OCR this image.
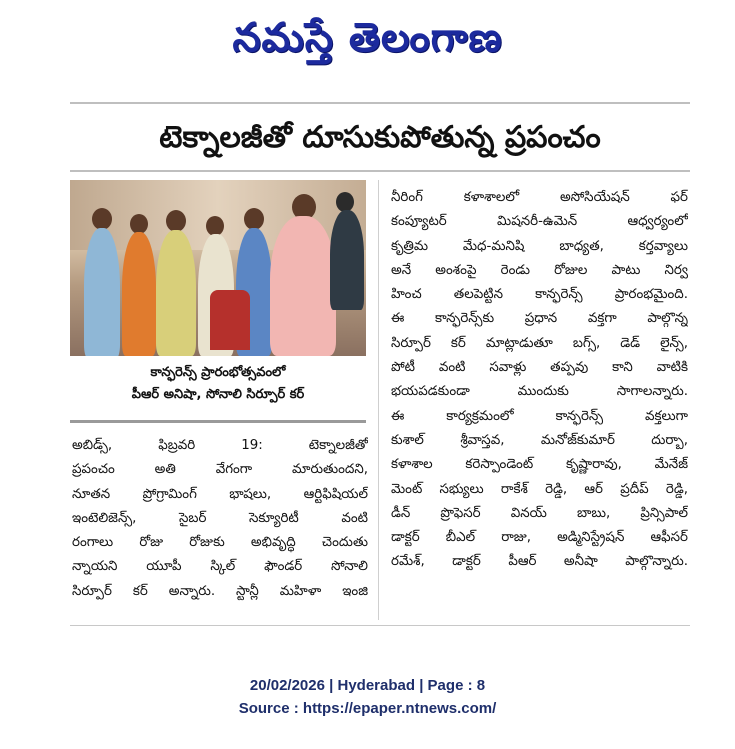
నమస్తే తెలంగాణ
టెక్నాలజీతో దూసుకుపోతున్న ప్రపంచం
కాన్ఫరెన్స్ ప్రారంభోత్సవంలో
పీఆర్ అనిషా, సోనాలి సిర్పూర్ కర్

అబిడ్స్, ఫిబ్రవరి 19: టెక్నాలజీతో

ప్రపంచం అతి వేగంగా మారుతుందని,

నూతన ప్రోగ్రామింగ్ భాషలు, ఆర్టిఫిషియల్

ఇంటెలిజెన్స్, సైబర్ సెక్యూరిటీ వంటి

రంగాలు రోజు రోజుకు అభివృద్ధి చెందుతు

న్నాయని యూపీ స్కిల్ ఫౌండర్ సోనాలి

సిర్పూర్ కర్ అన్నారు. స్టాన్లీ మహిళా ఇంజి

నీరింగ్ కళాశాలలో అసోసియేషన్ ఫర్

కంప్యూటర్ మిషనరీ-ఉమెన్ ఆధ్వర్యంలో

కృత్రిమ మేధ-మనిషి బాధ్యత, కర్తవ్యాలు

అనే అంశంపై రెండు రోజుల పాటు నిర్వ

హించ తలపెట్టిన కాన్ఫరెన్స్ ప్రారంభమైంది.

ఈ కాన్ఫరెన్స్‌కు ప్రధాన వక్తగా పాల్గొన్న

సిర్పూర్ కర్ మాట్లాడుతూ బగ్స్, డెడ్ లైన్స్,

పోటీ వంటి సవాళ్లు తప్పవు కాని వాటికి

భయపడకుండా ముందుకు సాగాలన్నారు.

ఈ కార్యక్రమంలో కాన్ఫరెన్స్ వక్తలుగా

కుశాల్ శ్రీవాస్తవ, మనోజ్‌కుమార్ దుర్బా,

కళాశాల కరెస్పాండెంట్ కృష్ణారావు, మేనేజ్

మెంట్ సభ్యులు రాకేశ్ రెడ్డి, ఆర్ ప్రదీప్ రెడ్డి,

డీన్ ప్రొఫెసర్ వినయ్ బాబు, ప్రిన్సిపాల్

డాక్టర్ బీఎల్ రాజు, అడ్మినిస్ట్రేషన్ ఆఫీసర్

రమేశ్, డాక్టర్ పీఆర్ అనీషా పాల్గొన్నారు.

20/02/2026 | Hyderabad | Page : 8
Source : https://epaper.ntnews.com/
